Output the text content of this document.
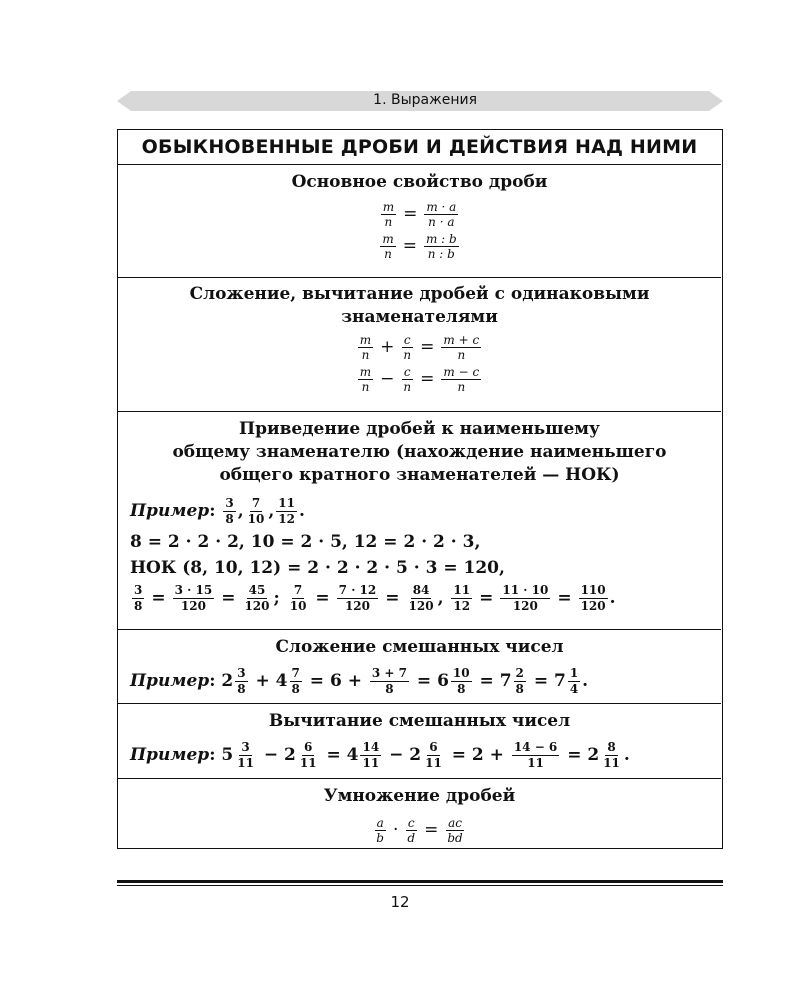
1. Выражения
ОБЫКНОВЕННЫЕ ДРОБИ И ДЕЙСТВИЯ НАД НИМИ
Основное свойство дроби
$\frac{m}{n} = \frac{m \cdot a}{n \cdot a}$
$\frac{m}{n} = \frac{m : b}{n : b}$
Сложение, вычитание дробей с одинаковыми
знаменателями
m
$n + \frac{c}{n} = \frac{m + c}{n}$
m
$n - \frac{c}{n} = \frac{m - c}{n}$
Приведение дробей к наименьшему
общему знаменателю (нахождение наименьшего
общего кратного знаменателей — НОК)
Пример : 3
8 , 7
10 , 11
12 .
8 = 2 · 2 · 2, 10 = 2 · 5, 12 = 2 · 2 · 3,
НОК (8, 10, 12) = 2 · 2 · 2 · 5 · 3 = 120,
$\frac{3}{8} = \frac{3 \cdot 15}{120} = \frac{45}{120}$ ; $\frac{7}{10} = \frac{7 \cdot 12}{120} = \frac{84}{120}$ , $\frac{11}{12} = \frac{11 \cdot 10}{120} = \frac{110}{120}$ .
Сложение смешанных чисел
Пример : 2 3
8
+ $4 \frac{7}{8}$
= 6 +
$\frac{3 + 7}{8}$
= $6 \frac{10}{8}$
= $7 \frac{2}{8}$
= 7 1
4 .
Вычитание смешанных чисел
Пример : 5 3
11
− $2 \frac{6}{11}$
= 4 14
11
− $2 \frac{6}{11}$
= 2 +
$\frac{14 - 6}{11}$
= 2 8
11 .
Умножение дробей
a
$b \cdot \frac{c}{d} = \frac{ac}{bd}$
12
